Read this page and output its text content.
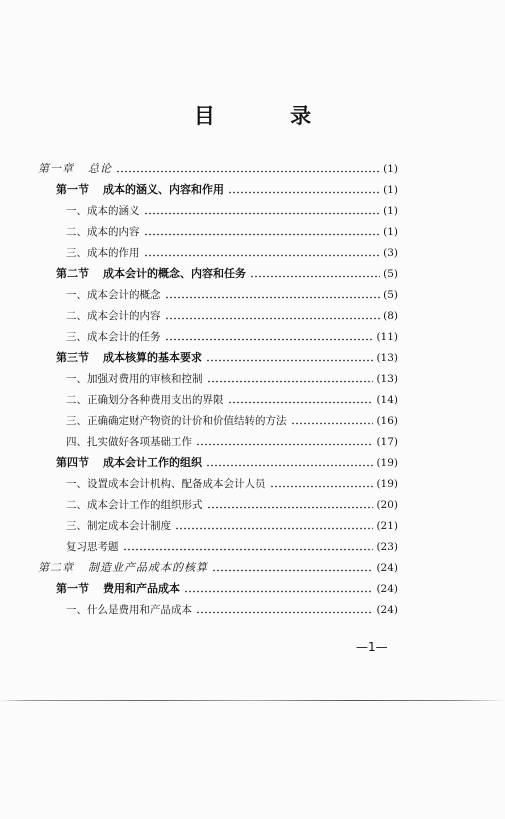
目 录
第一章 总论	(1)
第一节 成本的涵义、内容和作用	(1)
一、成本的涵义	(1)
二、成本的内容	(1)
三、成本的作用	(3)
第二节 成本会计的概念、内容和任务	(5)
一、成本会计的概念	(5)
二、成本会计的内容	(8)
三、成本会计的任务	(11)
第三节 成本核算的基本要求	(13)
一、加强对费用的审核和控制	(13)
二、正确划分各种费用支出的界限	(14)
三、正确确定财产物资的计价和价值结转的方法	(16)
四、扎实做好各项基础工作	(17)
第四节 成本会计工作的组织	(19)
一、设置成本会计机构、配备成本会计人员	(19)
二、成本会计工作的组织形式	(20)
三、制定成本会计制度	(21)
复习思考题	(23)
第二章 制造业产品成本的核算	(24)
第一节 费用和产品成本	(24)
一、什么是费用和产品成本	(24)
—1—
